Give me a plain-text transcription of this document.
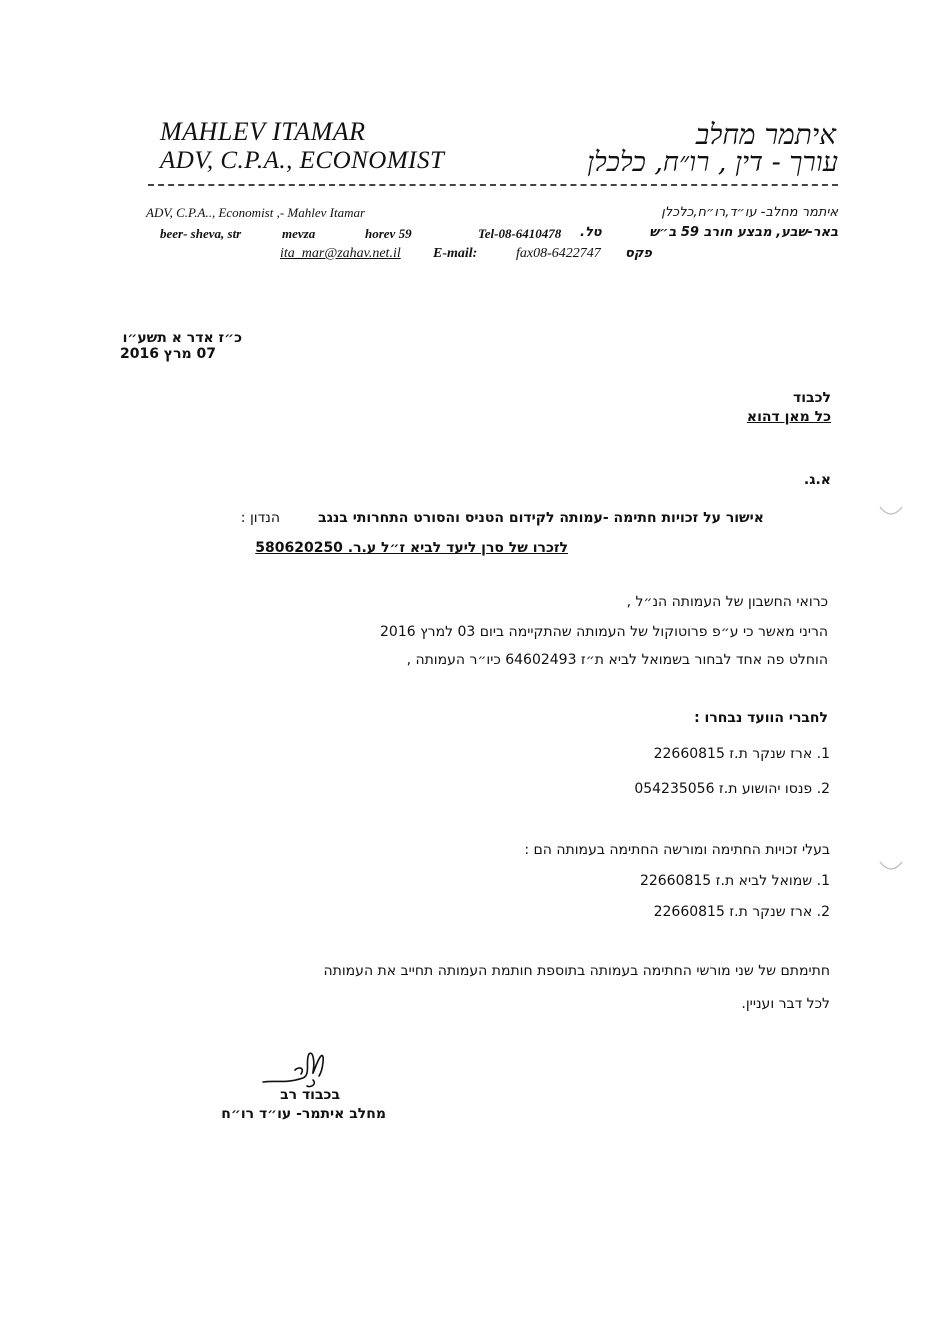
MAHLEV ITAMAR
ADV, C.P.A., ECONOMIST
איתמר מחלב
עורך - דין , רו״ח, כלכלן
ADV, C.P.A.., Economist ,- Mahlev Itamar	איתמר מחלב- עו״ד,רו״ח,כלכלן
beer- sheva, str	mevza	horev 59	Tel-08-6410478 טל.	באר-שבע, מבצע חורב 59 ב״ש
ita_mar@zahav.net.il E-mail:	fax08-6422747 פקס
כ״ז אדר א תשע״ו
07 מרץ 2016
לכבוד
כל מאן דהוא
א.ג.
הנדון :	אישור על זכויות חתימה -עמותה לקידום הטניס והסורט התחרותי בנגב
לזכרו של סרן ליעד לביא ז״ל ע.ר. 580620250
כרואי החשבון של העמותה הנ״ל ,
הריני מאשר כי ע״פ פרוטוקול של העמותה שהתקיימה ביום 03 למרץ 2016
הוחלט פה אחד לבחור בשמואל לביא ת״ז 64602493 כיו״ר העמותה ,
לחברי הוועד נבחרו :
1. ארז שנקר ת.ז 22660815
2. פנסו יהושוע ת.ז 054235056
בעלי זכויות החתימה ומורשה החתימה בעמותה הם :
1. שמואל לביא ת.ז 22660815
2. ארז שנקר ת.ז 22660815
חתימתם של שני מורשי החתימה בעמותה בתוספת חותמת העמותה תחייב את העמותה
לכל דבר ועניין.
בכבוד רב
מחלב איתמר- עו״ד רו״ח
